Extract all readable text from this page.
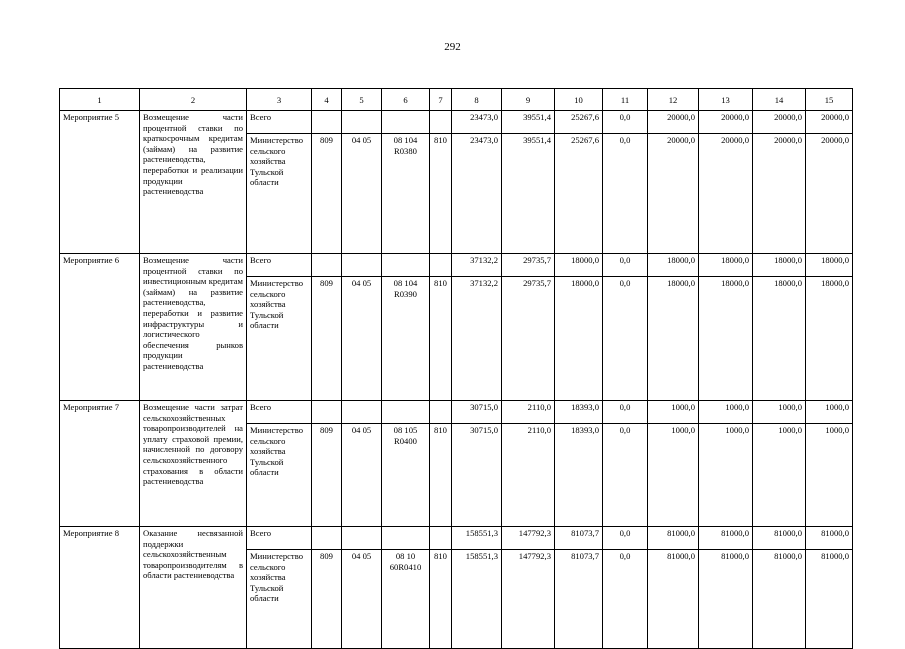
292
1	2	3	4	5	6	7	8	9	10	11	12	13	14	15
Мероприятие 5	Возмещение части процентной ставки по краткосрочным кредитам (займам) на развитие растениеводства, переработки и реализации продукции растениеводства	Всего					23473,0	39551,4	25267,6	0,0	20000,0	20000,0	20000,0	20000,0
		Министерство сельского хозяйства Тульской области	809	04 05	08 104 R0380	810	23473,0	39551,4	25267,6	0,0	20000,0	20000,0	20000,0	20000,0
Мероприятие 6	Возмещение части процентной ставки по инвестиционным кредитам (займам) на развитие растениеводства, переработки и развитие инфраструктуры и логистического обеспечения рынков продукции растениеводства	Всего					37132,2	29735,7	18000,0	0,0	18000,0	18000,0	18000,0	18000,0
		Министерство сельского хозяйства Тульской области	809	04 05	08 104 R0390	810	37132,2	29735,7	18000,0	0,0	18000,0	18000,0	18000,0	18000,0
Мероприятие 7	Возмещение части затрат сельскохозяйственных товаропроизводителей на уплату страховой премии, начисленной по договору сельскохозяйственного страхования в области растениеводства	Всего					30715,0	2110,0	18393,0	0,0	1000,0	1000,0	1000,0	1000,0
		Министерство сельского хозяйства Тульской области	809	04 05	08 105 R0400	810	30715,0	2110,0	18393,0	0,0	1000,0	1000,0	1000,0	1000,0
Мероприятие 8	Оказание несвязанной поддержки сельскохозяйственным товаропроизводителям в области растениеводства	Всего					158551,3	147792,3	81073,7	0,0	81000,0	81000,0	81000,0	81000,0
		Министерство сельского хозяйства Тульской области	809	04 05	08 10 60R0410	810	158551,3	147792,3	81073,7	0,0	81000,0	81000,0	81000,0	81000,0
